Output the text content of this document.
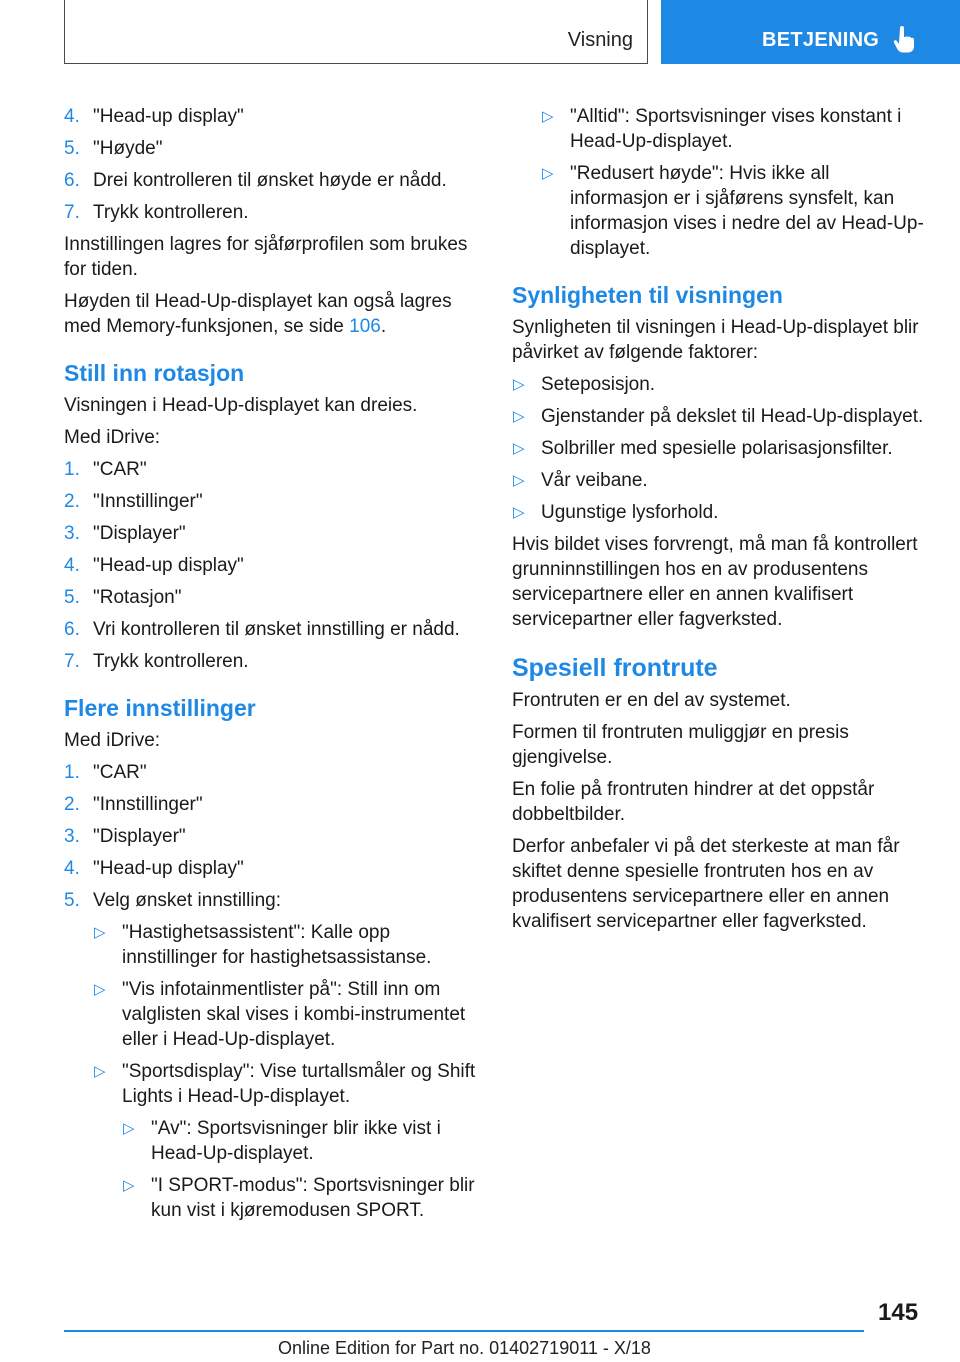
Visning	BETJENING
4. "Head-up display"
5. "Høyde"
6. Drei kontrolleren til ønsket høyde er nådd.
7. Trykk kontrolleren.

Innstillingen lagres for sjåførprofilen som brukes for tiden.

Høyden til Head-Up-displayet kan også lagres med Memory-funksjonen, se side 106.

Still inn rotasjon

Visningen i Head-Up-displayet kan dreies.

Med iDrive:

1. "CAR"
2. "Innstillinger"
3. "Displayer"
4. "Head-up display"
5. "Rotasjon"
6. Vri kontrolleren til ønsket innstilling er nådd.
7. Trykk kontrolleren.
Flere innstillinger

Med iDrive:

1. "CAR"
2. "Innstillinger"
3. "Displayer"
4. "Head-up display"
5. Velg ønsket innstilling:
▷ "Hastighetsassistent": Kalle opp innstillinger for hastighetsassistanse.
▷ "Vis infotainmentlister på": Still inn om valglisten skal vises i kombi-instrumentet eller i Head-Up-displayet.
▷ "Sportsdisplay": Vise turtallsmåler og Shift Lights i Head-Up-displayet.
▷ "Av": Sportsvisninger blir ikke vist i Head-Up-displayet.
▷ "I SPORT-modus": Sportsvisninger blir kun vist i kjøremodusen SPORT.
▷ "Alltid": Sportsvisninger vises konstant i Head-Up-displayet.
▷ "Redusert høyde": Hvis ikke all informasjon er i sjåførens synsfelt, kan informasjon vises i nedre del av Head-Up-displayet.
Synligheten til visningen

Synligheten til visningen i Head-Up-displayet blir påvirket av følgende faktorer:

▷ Seteposisjon.
▷ Gjenstander på dekslet til Head-Up-displayet.
▷ Solbriller med spesielle polarisasjonsfilter.
▷ Vår veibane.
▷ Ugunstige lysforhold.

Hvis bildet vises forvrengt, må man få kontrollert grunninnstillingen hos en av produsentens servicepartnere eller en annen kvalifisert servicepartner eller fagverksted.

Spesiell frontrute

Frontruten er en del av systemet.

Formen til frontruten muliggjør en presis gjengivelse.

En folie på frontruten hindrer at det oppstår dobbeltbilder.

Derfor anbefaler vi på det sterkeste at man får skiftet denne spesielle frontruten hos en av produsentens servicepartnere eller en annen kvalifisert servicepartner eller fagverksted.

145
Online Edition for Part no. 01402719011 - X/18
